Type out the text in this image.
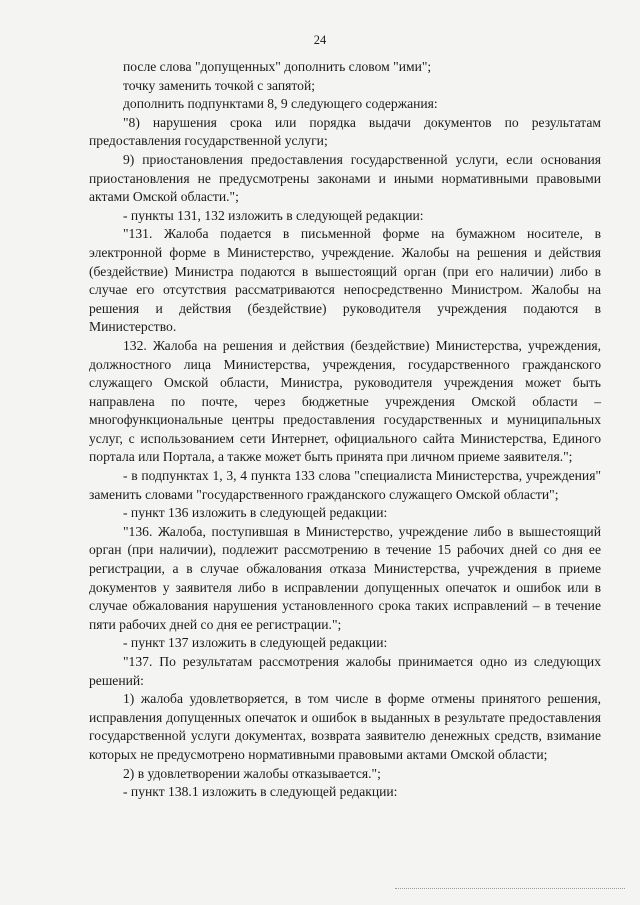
24

после слова "допущенных" дополнить словом "ими";

точку заменить точкой с запятой;

дополнить подпунктами 8, 9 следующего содержания:

"8) нарушения срока или порядка выдачи документов по результатам предоставления государственной услуги;

9) приостановления предоставления государственной услуги, если основания приостановления не предусмотрены законами и иными нормативными правовыми актами Омской области.";

- пункты 131, 132 изложить в следующей редакции:

"131. Жалоба подается в письменной форме на бумажном носителе, в электронной форме в Министерство, учреждение. Жалобы на решения и действия (бездействие) Министра подаются в вышестоящий орган (при его наличии) либо в случае его отсутствия рассматриваются непосредственно Министром. Жалобы на решения и действия (бездействие) руководителя учреждения подаются в Министерство.

132. Жалоба на решения и действия (бездействие) Министерства, учреждения, должностного лица Министерства, учреждения, государственного гражданского служащего Омской области, Министра, руководителя учреждения может быть направлена по почте, через бюджетные учреждения Омской области – многофункциональные центры предоставления государственных и муниципальных услуг, с использованием сети Интернет, официального сайта Министерства, Единого портала или Портала, а также может быть принята при личном приеме заявителя.";

- в подпунктах 1, 3, 4 пункта 133 слова "специалиста Министерства, учреждения" заменить словами "государственного гражданского служащего Омской области";

- пункт 136 изложить в следующей редакции:

"136. Жалоба, поступившая в Министерство, учреждение либо в вышестоящий орган (при наличии), подлежит рассмотрению в течение 15 рабочих дней со дня ее регистрации, а в случае обжалования отказа Министерства, учреждения в приеме документов у заявителя либо в исправлении допущенных опечаток и ошибок или в случае обжалования нарушения установленного срока таких исправлений – в течение пяти рабочих дней со дня ее регистрации.";

- пункт 137 изложить в следующей редакции:

"137. По результатам рассмотрения жалобы принимается одно из следующих решений:

1) жалоба удовлетворяется, в том числе в форме отмены принятого решения, исправления допущенных опечаток и ошибок в выданных в результате предоставления государственной услуги документах, возврата заявителю денежных средств, взимание которых не предусмотрено нормативными правовыми актами Омской области;

2) в удовлетворении жалобы отказывается.";

- пункт 138.1 изложить в следующей редакции:
